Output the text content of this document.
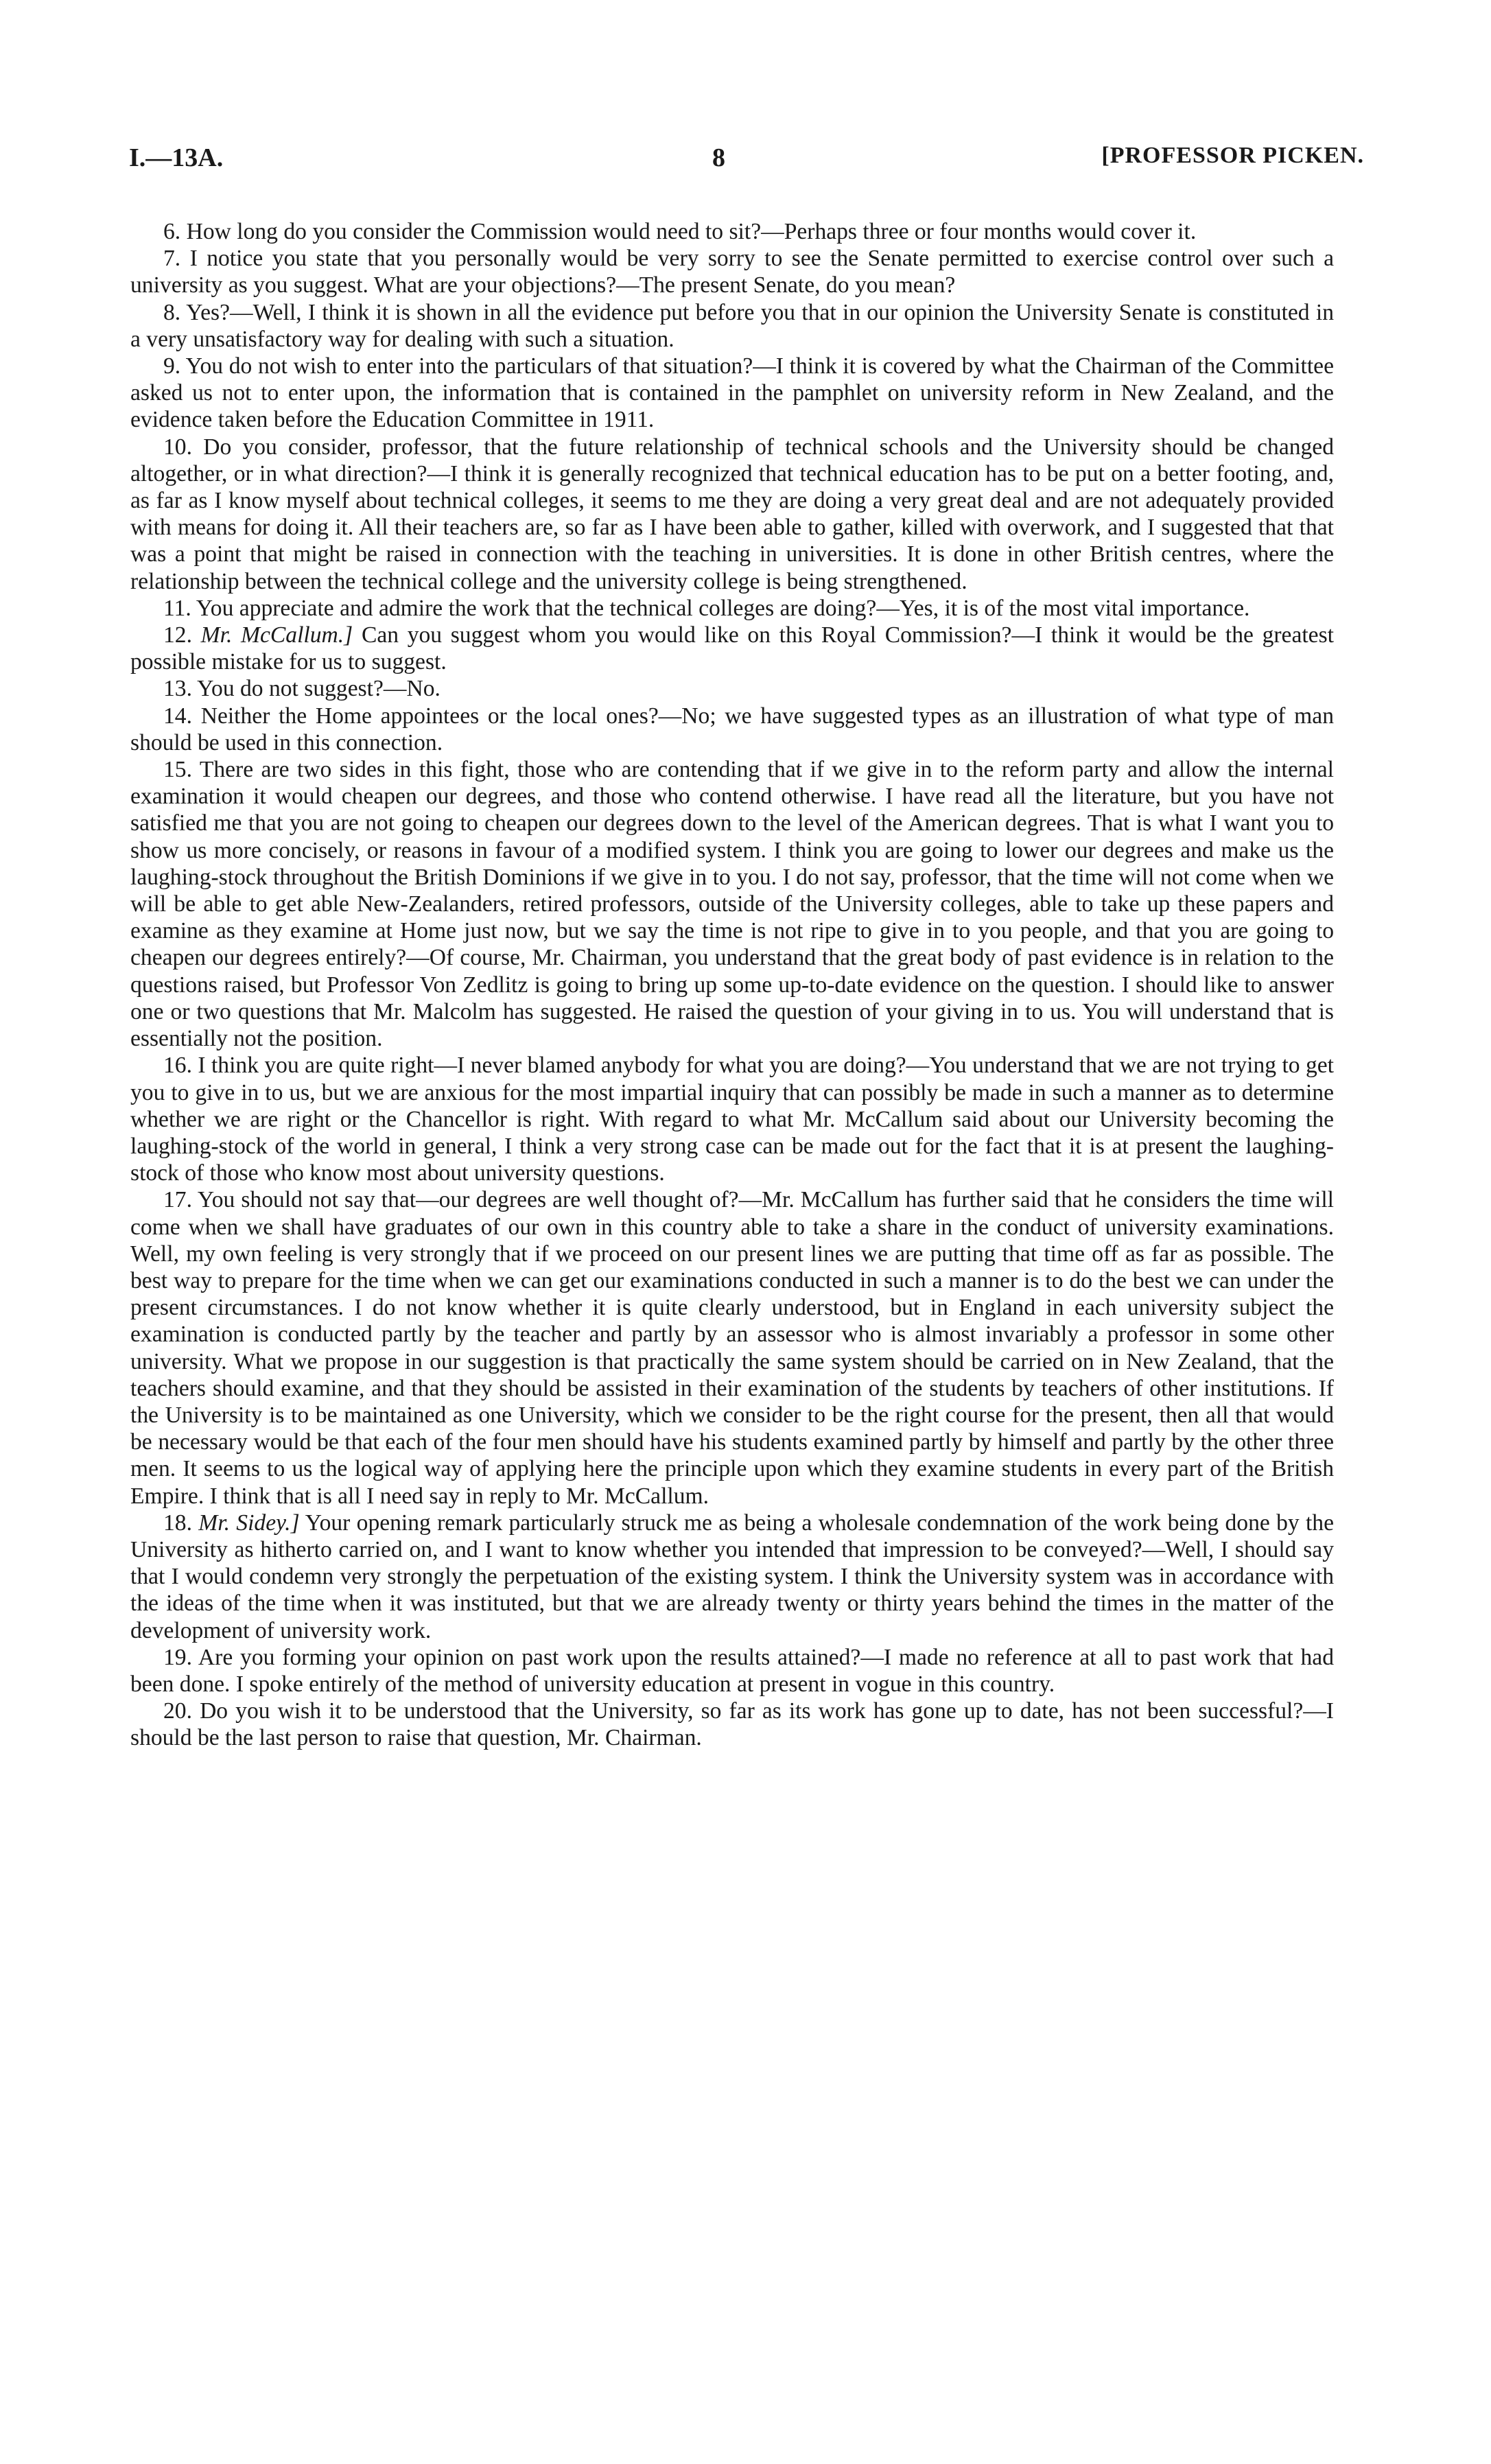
I.—13A.	8	[PROFESSOR PICKEN.

6. How long do you consider the Commission would need to sit?—Perhaps three or four months would cover it.

7. I notice you state that you personally would be very sorry to see the Senate permitted to exercise control over such a university as you suggest. What are your objections?—The present Senate, do you mean?

8. Yes?—Well, I think it is shown in all the evidence put before you that in our opinion the University Senate is constituted in a very unsatisfactory way for dealing with such a situation.

9. You do not wish to enter into the particulars of that situation?—I think it is covered by what the Chairman of the Committee asked us not to enter upon, the information that is contained in the pamphlet on university reform in New Zealand, and the evidence taken before the Education Committee in 1911.

10. Do you consider, professor, that the future relationship of technical schools and the University should be changed altogether, or in what direction?—I think it is generally recognized that technical education has to be put on a better footing, and, as far as I know myself about technical colleges, it seems to me they are doing a very great deal and are not adequately provided with means for doing it. All their teachers are, so far as I have been able to gather, killed with overwork, and I suggested that that was a point that might be raised in connection with the teaching in universities. It is done in other British centres, where the relationship between the technical college and the university college is being strengthened.

11. You appreciate and admire the work that the technical colleges are doing?—Yes, it is of the most vital importance.

12. Mr. McCallum.] Can you suggest whom you would like on this Royal Commission?—I think it would be the greatest possible mistake for us to suggest.

13. You do not suggest?—No.

14. Neither the Home appointees or the local ones?—No; we have suggested types as an illustration of what type of man should be used in this connection.

15. There are two sides in this fight, those who are contending that if we give in to the reform party and allow the internal examination it would cheapen our degrees, and those who contend otherwise. I have read all the literature, but you have not satisfied me that you are not going to cheapen our degrees down to the level of the American degrees. That is what I want you to show us more concisely, or reasons in favour of a modified system. I think you are going to lower our degrees and make us the laughing-stock throughout the British Dominions if we give in to you. I do not say, professor, that the time will not come when we will be able to get able New-Zealanders, retired professors, outside of the University colleges, able to take up these papers and examine as they examine at Home just now, but we say the time is not ripe to give in to you people, and that you are going to cheapen our degrees entirely?—Of course, Mr. Chairman, you understand that the great body of past evidence is in relation to the questions raised, but Professor Von Zedlitz is going to bring up some up-to-date evidence on the question. I should like to answer one or two questions that Mr. Malcolm has suggested. He raised the question of your giving in to us. You will understand that is essentially not the position.

16. I think you are quite right—I never blamed anybody for what you are doing?—You understand that we are not trying to get you to give in to us, but we are anxious for the most impartial inquiry that can possibly be made in such a manner as to determine whether we are right or the Chancellor is right. With regard to what Mr. McCallum said about our University becoming the laughing-stock of the world in general, I think a very strong case can be made out for the fact that it is at present the laughing-stock of those who know most about university questions.

17. You should not say that—our degrees are well thought of?—Mr. McCallum has further said that he considers the time will come when we shall have graduates of our own in this country able to take a share in the conduct of university examinations. Well, my own feeling is very strongly that if we proceed on our present lines we are putting that time off as far as possible. The best way to prepare for the time when we can get our examinations conducted in such a manner is to do the best we can under the present circumstances. I do not know whether it is quite clearly understood, but in England in each university subject the examination is conducted partly by the teacher and partly by an assessor who is almost invariably a professor in some other university. What we propose in our suggestion is that practically the same system should be carried on in New Zealand, that the teachers should examine, and that they should be assisted in their examination of the students by teachers of other institutions. If the University is to be maintained as one University, which we consider to be the right course for the present, then all that would be necessary would be that each of the four men should have his students examined partly by himself and partly by the other three men. It seems to us the logical way of applying here the principle upon which they examine students in every part of the British Empire. I think that is all I need say in reply to Mr. McCallum.

18. Mr. Sidey.] Your opening remark particularly struck me as being a wholesale condemnation of the work being done by the University as hitherto carried on, and I want to know whether you intended that impression to be conveyed?—Well, I should say that I would condemn very strongly the perpetuation of the existing system. I think the University system was in accordance with the ideas of the time when it was instituted, but that we are already twenty or thirty years behind the times in the matter of the development of university work.

19. Are you forming your opinion on past work upon the results attained?—I made no reference at all to past work that had been done. I spoke entirely of the method of university education at present in vogue in this country.

20. Do you wish it to be understood that the University, so far as its work has gone up to date, has not been successful?—I should be the last person to raise that question, Mr. Chairman.
